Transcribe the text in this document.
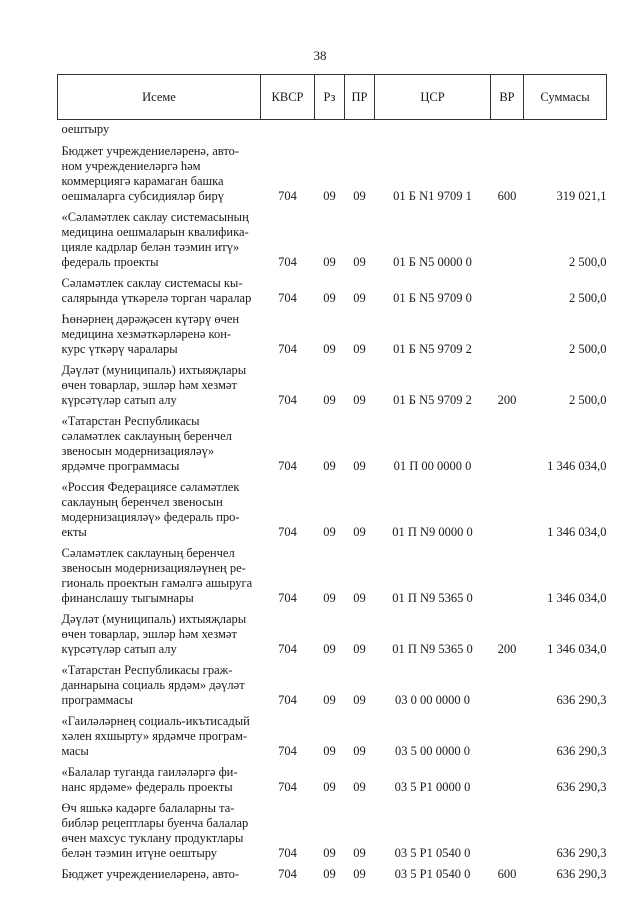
38
Исеме	КВСР	Рз	ПР	ЦСР	ВР	Суммасы
оештыру						

Бюджет учреждениеләренә, авто-
ном учреждениеләргә һәм
коммерциягә карамаган башка
оешмаларга субсидияләр бирү	704	09	09	01 Б N1 9709 1	600	319 021,1

«Сәламәтлек саклау системасының
медицина оешмаларын квалифика-
цияле кадрлар белән тәэмин итү»
федераль проекты	704	09	09	01 Б N5 0000 0		2 500,0

Сәламәтлек саклау системасы кы-
салярында үткәрелә торган чаралар	704	09	09	01 Б N5 9709 0		2 500,0

Һөнәрнең дәрәҗәсен күтәрү өчен
медицина хезмәткәрләренә кон-
курс үткәрү чаралары	704	09	09	01 Б N5 9709 2		2 500,0

Дәүләт (муниципаль) ихтыяҗлары
өчен товарлар, эшләр һәм хезмәт
күрсәтүләр сатып алу	704	09	09	01 Б N5 9709 2	200	2 500,0

«Татарстан Республикасы
сәламәтлек саклауның беренчел
звеносын модернизацияләү»
ярдәмче программасы	704	09	09	01 П 00 0000 0		1 346 034,0

«Россия Федерациясе сәламәтлек
саклауның беренчел звеносын
модернизацияләү» федераль про-
екты	704	09	09	01 П N9 0000 0		1 346 034,0

Сәламәтлек саклауның беренчел
звеносын модернизацияләүнең ре-
гиональ проектын гамәлгә ашыруга
финанслашу тыгымнары	704	09	09	01 П N9 5365 0		1 346 034,0

Дәүләт (муниципаль) ихтыяҗлары
өчен товарлар, эшләр һәм хезмәт
күрсәтүләр сатып алу	704	09	09	01 П N9 5365 0	200	1 346 034,0

«Татарстан Республикасы граж-
даннарына социаль ярдәм» дәүләт
программасы	704	09	09	03 0 00 0000 0		636 290,3

«Гаиләләрнең социаль-икътисадый
хәлен яхшырту» ярдәмче програм-
масы	704	09	09	03 5 00 0000 0		636 290,3

«Балалар туганда гаиләләргә фи-
нанс ярдәме» федераль проекты	704	09	09	03 5 P1 0000 0		636 290,3

Өч яшькә кадәрге балаларны та-
библәр рецептлары буенча балалар
өчен махсус туклану продуктлары
белән тәэмин итүне оештыру	704	09	09	03 5 P1 0540 0		636 290,3

Бюджет учреждениеләренә, авто-	704	09	09	03 5 P1 0540 0	600	636 290,3
